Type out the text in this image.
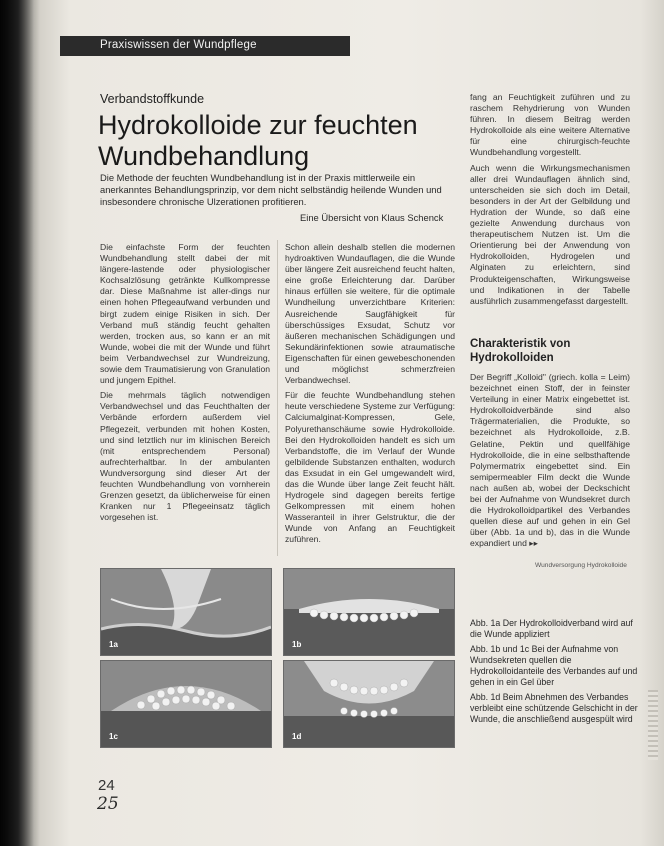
Praxiswissen der Wundpflege
Verbandstoffkunde
Hydrokolloide zur feuchten Wundbehandlung

Die Methode der feuchten Wundbehandlung ist in der Praxis mittlerweile ein anerkanntes Behandlungsprinzip, vor dem nicht selbständig heilende Wunden und insbesondere chronische Ulzerationen profitieren.

Eine Übersicht von Klaus Schenck

Die einfachste Form der feuchten Wundbehandlung stellt dabei der mit längere-lastende oder physiologischer Kochsalzlösung getränkte Kullkompresse dar. Diese Maßnahme ist aller-dings nur einen hohen Pflegeaufwand verbunden und birgt zudem einige Risiken in sich. Der Verband muß ständig feucht gehalten werden, trocken aus, so kann er an mit Wunde, wobei die mit der Wunde und führt beim Verbandwechsel zur Wundreizung, sowie dem Traumatisierung von Granulation und jungem Epithel.

Die mehrmals täglich notwendigen Verbandwechsel und das Feuchthalten der Verbände erfordern außerdem viel Pflegezeit, verbunden mit hohen Kosten, und sind letztlich nur im klinischen Bereich (mit entsprechendem Personal) aufrechterhaltbar. In der ambulanten Wundversorgung sind dieser Art der feuchten Wundbehandlung von vornherein Grenzen gesetzt, da üblicherweise für einen Kranken nur 1 Pflegeeinsatz täglich vorgesehen ist.

Schon allein deshalb stellen die modernen hydroaktiven Wundauflagen, die die Wunde über längere Zeit ausreichend feucht halten, eine große Erleichterung dar. Darüber hinaus erfüllen sie weitere, für die optimale Wundheilung unverzichtbare Kriterien: Ausreichende Saugfähigkeit für überschüssiges Exsudat, Schutz vor äußeren mechanischen Schädigungen und Sekundärinfektionen sowie atraumatische Eigenschaften für einen gewebeschonenden und möglichst schmerzfreien Verbandwechsel.

Für die feuchte Wundbehandlung stehen heute verschiedene Systeme zur Verfügung: Calciumalginat-Kompressen, Gele, Polyurethanschäume sowie Hydrokolloide. Bei den Hydrokolloiden handelt es sich um Verbandstoffe, die im Verlauf der Wunde gelbildende Substanzen enthalten, wodurch das Exsudat in ein Gel umgewandelt wird, das die Wunde über lange Zeit feucht hält. Hydrogele sind dagegen bereits fertige Gelkompressen mit einem hohen Wasseranteil in ihrer Gelstruktur, die der Wunde von Anfang an Feuchtigkeit zuführen.

fang an Feuchtigkeit zuführen und zu raschem Rehydrierung von Wunden führen. In diesem Beitrag werden Hydrokolloide als eine weitere Alternative für eine chirurgisch-feuchte Wundbehandlung vorgestellt.

Auch wenn die Wirkungsmechanismen aller drei Wundauflagen ähnlich sind, unterscheiden sie sich doch im Detail, besonders in der Art der Gelbildung und Hydration der Wunde, so daß eine gezielte Anwendung durchaus von therapeutischem Nutzen ist. Um die Orientierung bei der Anwendung von Hydrokolloiden, Hydrogelen und Alginaten zu erleichtern, sind Produkteigenschaften, Wirkungsweise und Indikationen in der Tabelle ausführlich zusammengefasst dargestellt.

Charakteristik von Hydrokolloiden

Der Begriff „Kolloid" (griech. kolla = Leim) bezeichnet einen Stoff, der in feinster Verteilung in einer Matrix eingebettet ist. Hydrokolloidverbände sind also Trägermaterialien, die Produkte, so bezeichnet als Hydrokolloide, z.B. Gelatine, Pektin und quellfähige Hydrokolloide, die in eine selbsthaftende Polymermatrix eingebettet sind. Ein semipermeabler Film deckt die Wunde nach außen ab, wobei der Deckschicht bei der Aufnahme von Wundsekret durch die Hydrokolloidpartikel des Verbandes quellen diese auf und gehen in ein Gel über (Abb. 1a und b), das in die Wunde expandiert und ▸▸

Wundversorgung Hydrokolloide
1a	1b
1c	1d

Abb. 1a Der Hydrokolloidverband wird auf die Wunde appliziert

Abb. 1b und 1c Bei der Aufnahme von Wundsekreten quellen die Hydrokolloidanteile des Verbandes auf und gehen in ein Gel über

Abb. 1d Beim Abnehmen des Verbandes verbleibt eine schützende Gelschicht in der Wunde, die anschließend ausgespült wird

24
25
